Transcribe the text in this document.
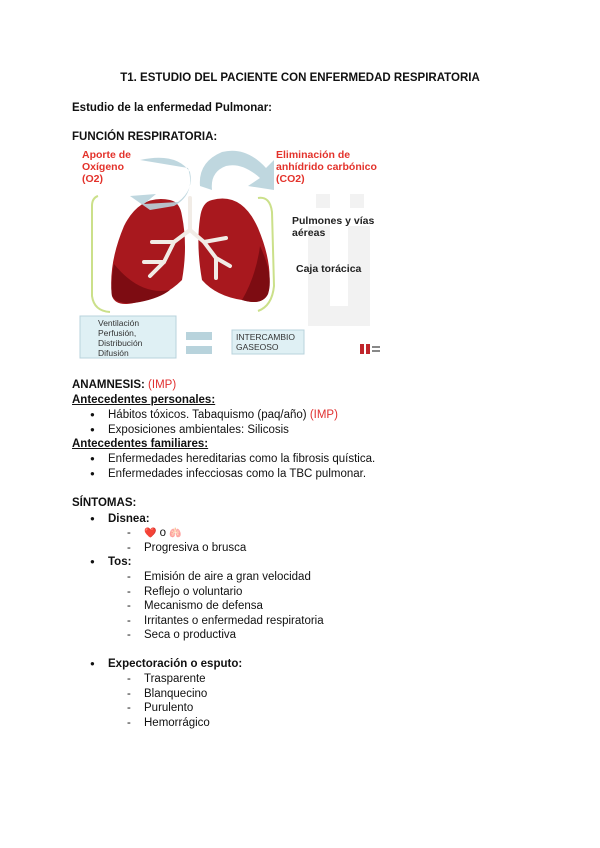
T1. ESTUDIO DEL PACIENTE CON ENFERMEDAD RESPIRATORIA
Estudio de la enfermedad Pulmonar:
FUNCIÓN RESPIRATORIA:
Aporte de Oxígeno (O2)
Eliminación de anhídrido carbónico (CO2)
Pulmones y vías aéreas
Caja torácica
Ventilación Perfusión, Distribución Difusión
INTERCAMBIO GASEOSO
ANAMNESIS: (IMP)
Antecedentes personales:
● Hábitos tóxicos. Tabaquismo (paq/año) (IMP)
● Exposiciones ambientales: Silicosis
Antecedentes familiares:
● Enfermedades hereditarias como la fibrosis quística.
● Enfermedades infecciosas como la TBC pulmonar.
SÍNTOMAS:
● Disnea:
- ❤️ o 🫁
- Progresiva o brusca
● Tos:
- Emisión de aire a gran velocidad
- Reflejo o voluntario
- Mecanismo de defensa
- Irritantes o enfermedad respiratoria
- Seca o productiva
● Expectoración o esputo:
- Trasparente
- Blanquecino
- Purulento
- Hemorrágico
